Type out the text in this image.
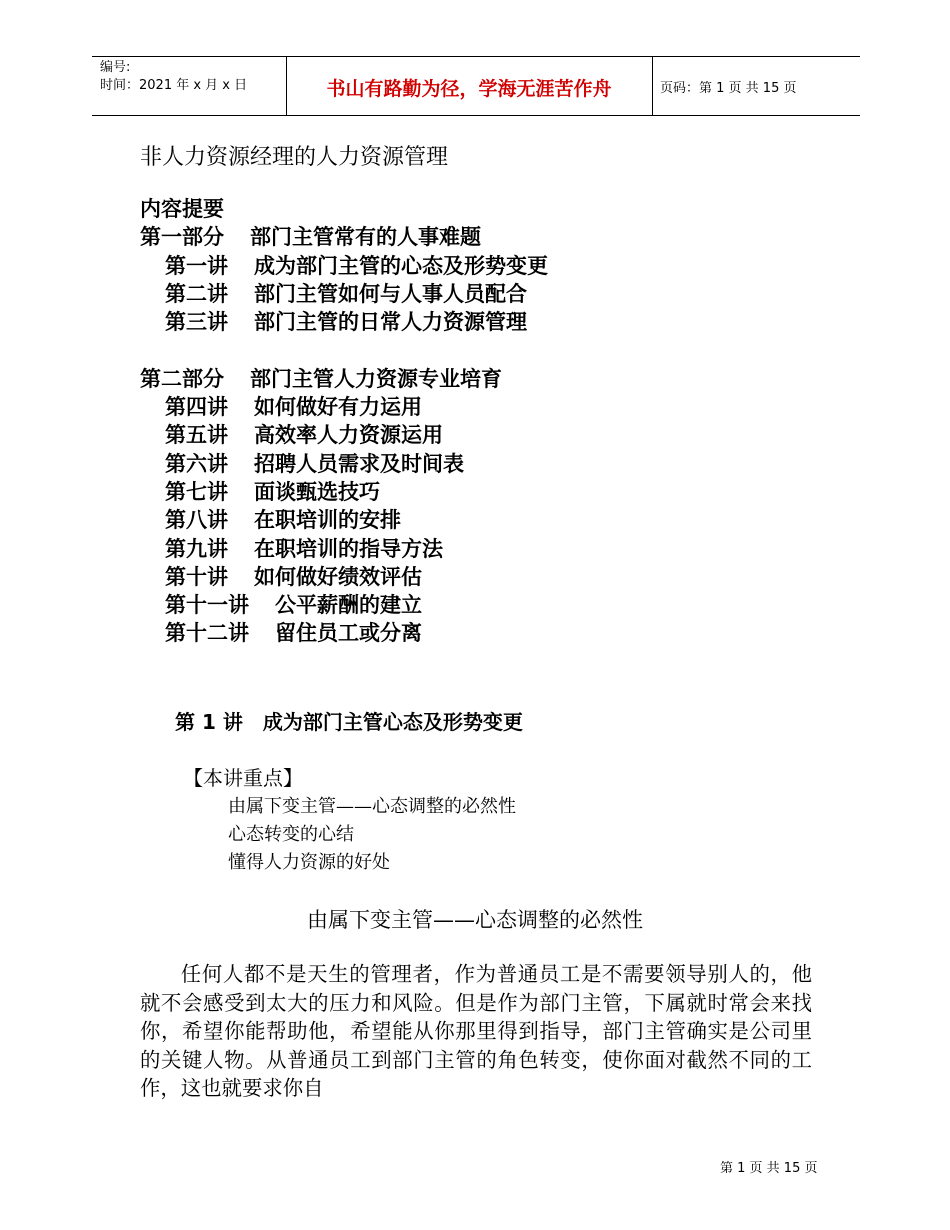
编号:
时间：2021 年 x 月 x 日	书山有路勤为径，学海无涯苦作舟	页码：第 1 页 共 15 页
非人力资源经理的人力资源管理
内容提要
第一部分 部门主管常有的人事难题
第一讲 成为部门主管的心态及形势变更
第二讲 部门主管如何与人事人员配合
第三讲 部门主管的日常人力资源管理
第二部分 部门主管人力资源专业培育
第四讲 如何做好有力运用
第五讲 高效率人力资源运用
第六讲 招聘人员需求及时间表
第七讲 面谈甄选技巧
第八讲 在职培训的安排
第九讲 在职培训的指导方法
第十讲 如何做好绩效评估
第十一讲 公平薪酬的建立
第十二讲 留住员工或分离
第 1 讲　成为部门主管心态及形势变更
【本讲重点】
由属下变主管——心态调整的必然性
心态转变的心结
懂得人力资源的好处
由属下变主管——心态调整的必然性
任何人都不是天生的管理者，作为普通员工是不需要领导别人的，他就不会感受到太大的压力和风险。但是作为部门主管，下属就时常会来找你，希望你能帮助他，希望能从你那里得到指导，部门主管确实是公司里的关键人物。从普通员工到部门主管的角色转变，使你面对截然不同的工作，这也就要求你自
第 1 页 共 15 页
